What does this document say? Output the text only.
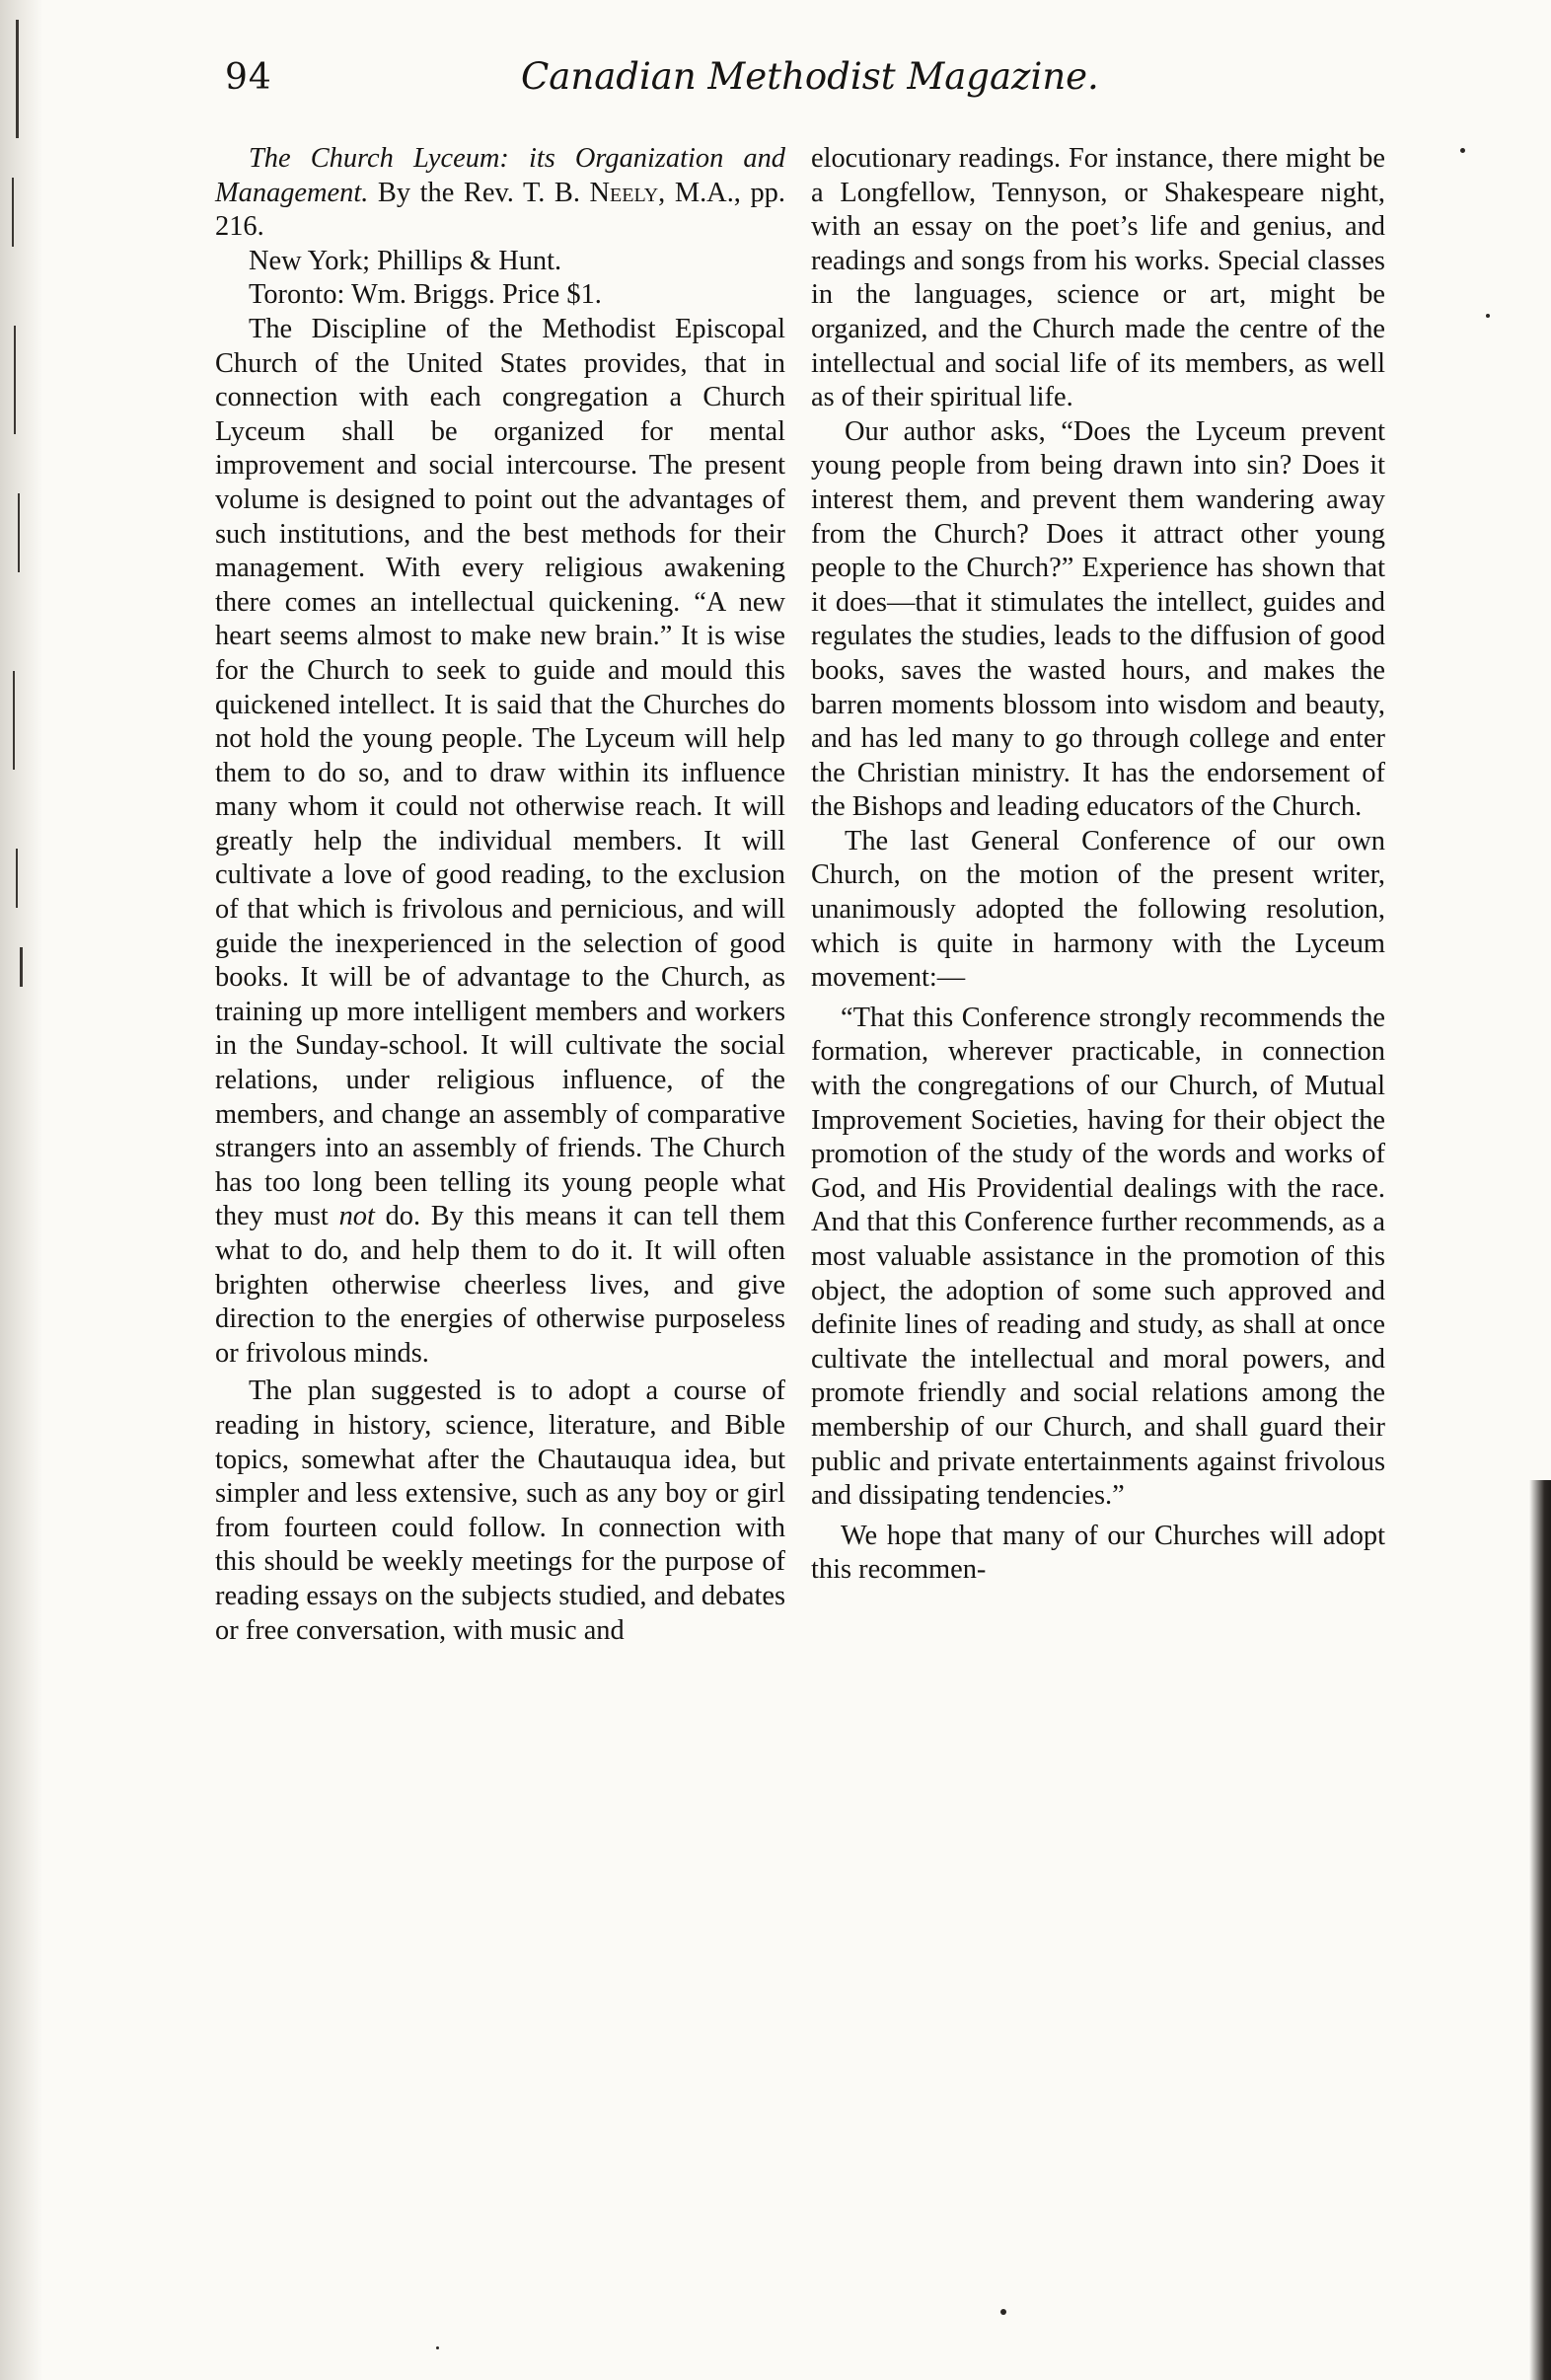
94	Canadian Methodist Magazine.

The Church Lyceum: its Organization and Management. By the Rev. T. B. Neely, M.A., pp. 216.
New York; Phillips & Hunt.
Toronto: Wm. Briggs. Price $1.

The Discipline of the Methodist Episcopal Church of the United States provides, that in connection with each congregation a Church Lyceum shall be organized for mental improvement and social intercourse. The present volume is designed to point out the advantages of such institutions, and the best methods for their management. With every religious awakening there comes an intellectual quickening. “A new heart seems almost to make new brain.” It is wise for the Church to seek to guide and mould this quickened intellect. It is said that the Churches do not hold the young people. The Lyceum will help them to do so, and to draw within its influence many whom it could not otherwise reach. It will greatly help the individual members. It will cultivate a love of good reading, to the exclusion of that which is frivolous and pernicious, and will guide the inexperienced in the selection of good books. It will be of advantage to the Church, as training up more intelligent members and workers in the Sunday-school. It will cultivate the social relations, under religious influence, of the members, and change an assembly of comparative strangers into an assembly of friends. The Church has too long been telling its young people what they must not do. By this means it can tell them what to do, and help them to do it. It will often brighten otherwise cheerless lives, and give direction to the energies of otherwise purposeless or frivolous minds.

The plan suggested is to adopt a course of reading in history, science, literature, and Bible topics, somewhat after the Chautauqua idea, but simpler and less extensive, such as any boy or girl from fourteen could follow. In connection with this should be weekly meetings for the purpose of reading essays on the subjects studied, and debates or free conversation, with music and

elocutionary readings. For instance, there might be a Longfellow, Tennyson, or Shakespeare night, with an essay on the poet’s life and genius, and readings and songs from his works. Special classes in the languages, science or art, might be organized, and the Church made the centre of the intellectual and social life of its members, as well as of their spiritual life.

Our author asks, “Does the Lyceum prevent young people from being drawn into sin? Does it interest them, and prevent them wandering away from the Church? Does it attract other young people to the Church?” Experience has shown that it does—that it stimulates the intellect, guides and regulates the studies, leads to the diffusion of good books, saves the wasted hours, and makes the barren moments blossom into wisdom and beauty, and has led many to go through college and enter the Christian ministry. It has the endorsement of the Bishops and leading educators of the Church.

The last General Conference of our own Church, on the motion of the present writer, unanimously adopted the following resolution, which is quite in harmony with the Lyceum movement:—

“That this Conference strongly recommends the formation, wherever practicable, in connection with the congregations of our Church, of Mutual Improvement Societies, having for their object the promotion of the study of the words and works of God, and His Providential dealings with the race. And that this Conference further recommends, as a most valuable assistance in the promotion of this object, the adoption of some such approved and definite lines of reading and study, as shall at once cultivate the intellectual and moral powers, and promote friendly and social relations among the membership of our Church, and shall guard their public and private entertainments against frivolous and dissipating tendencies.”

We hope that many of our Churches will adopt this recommen-
